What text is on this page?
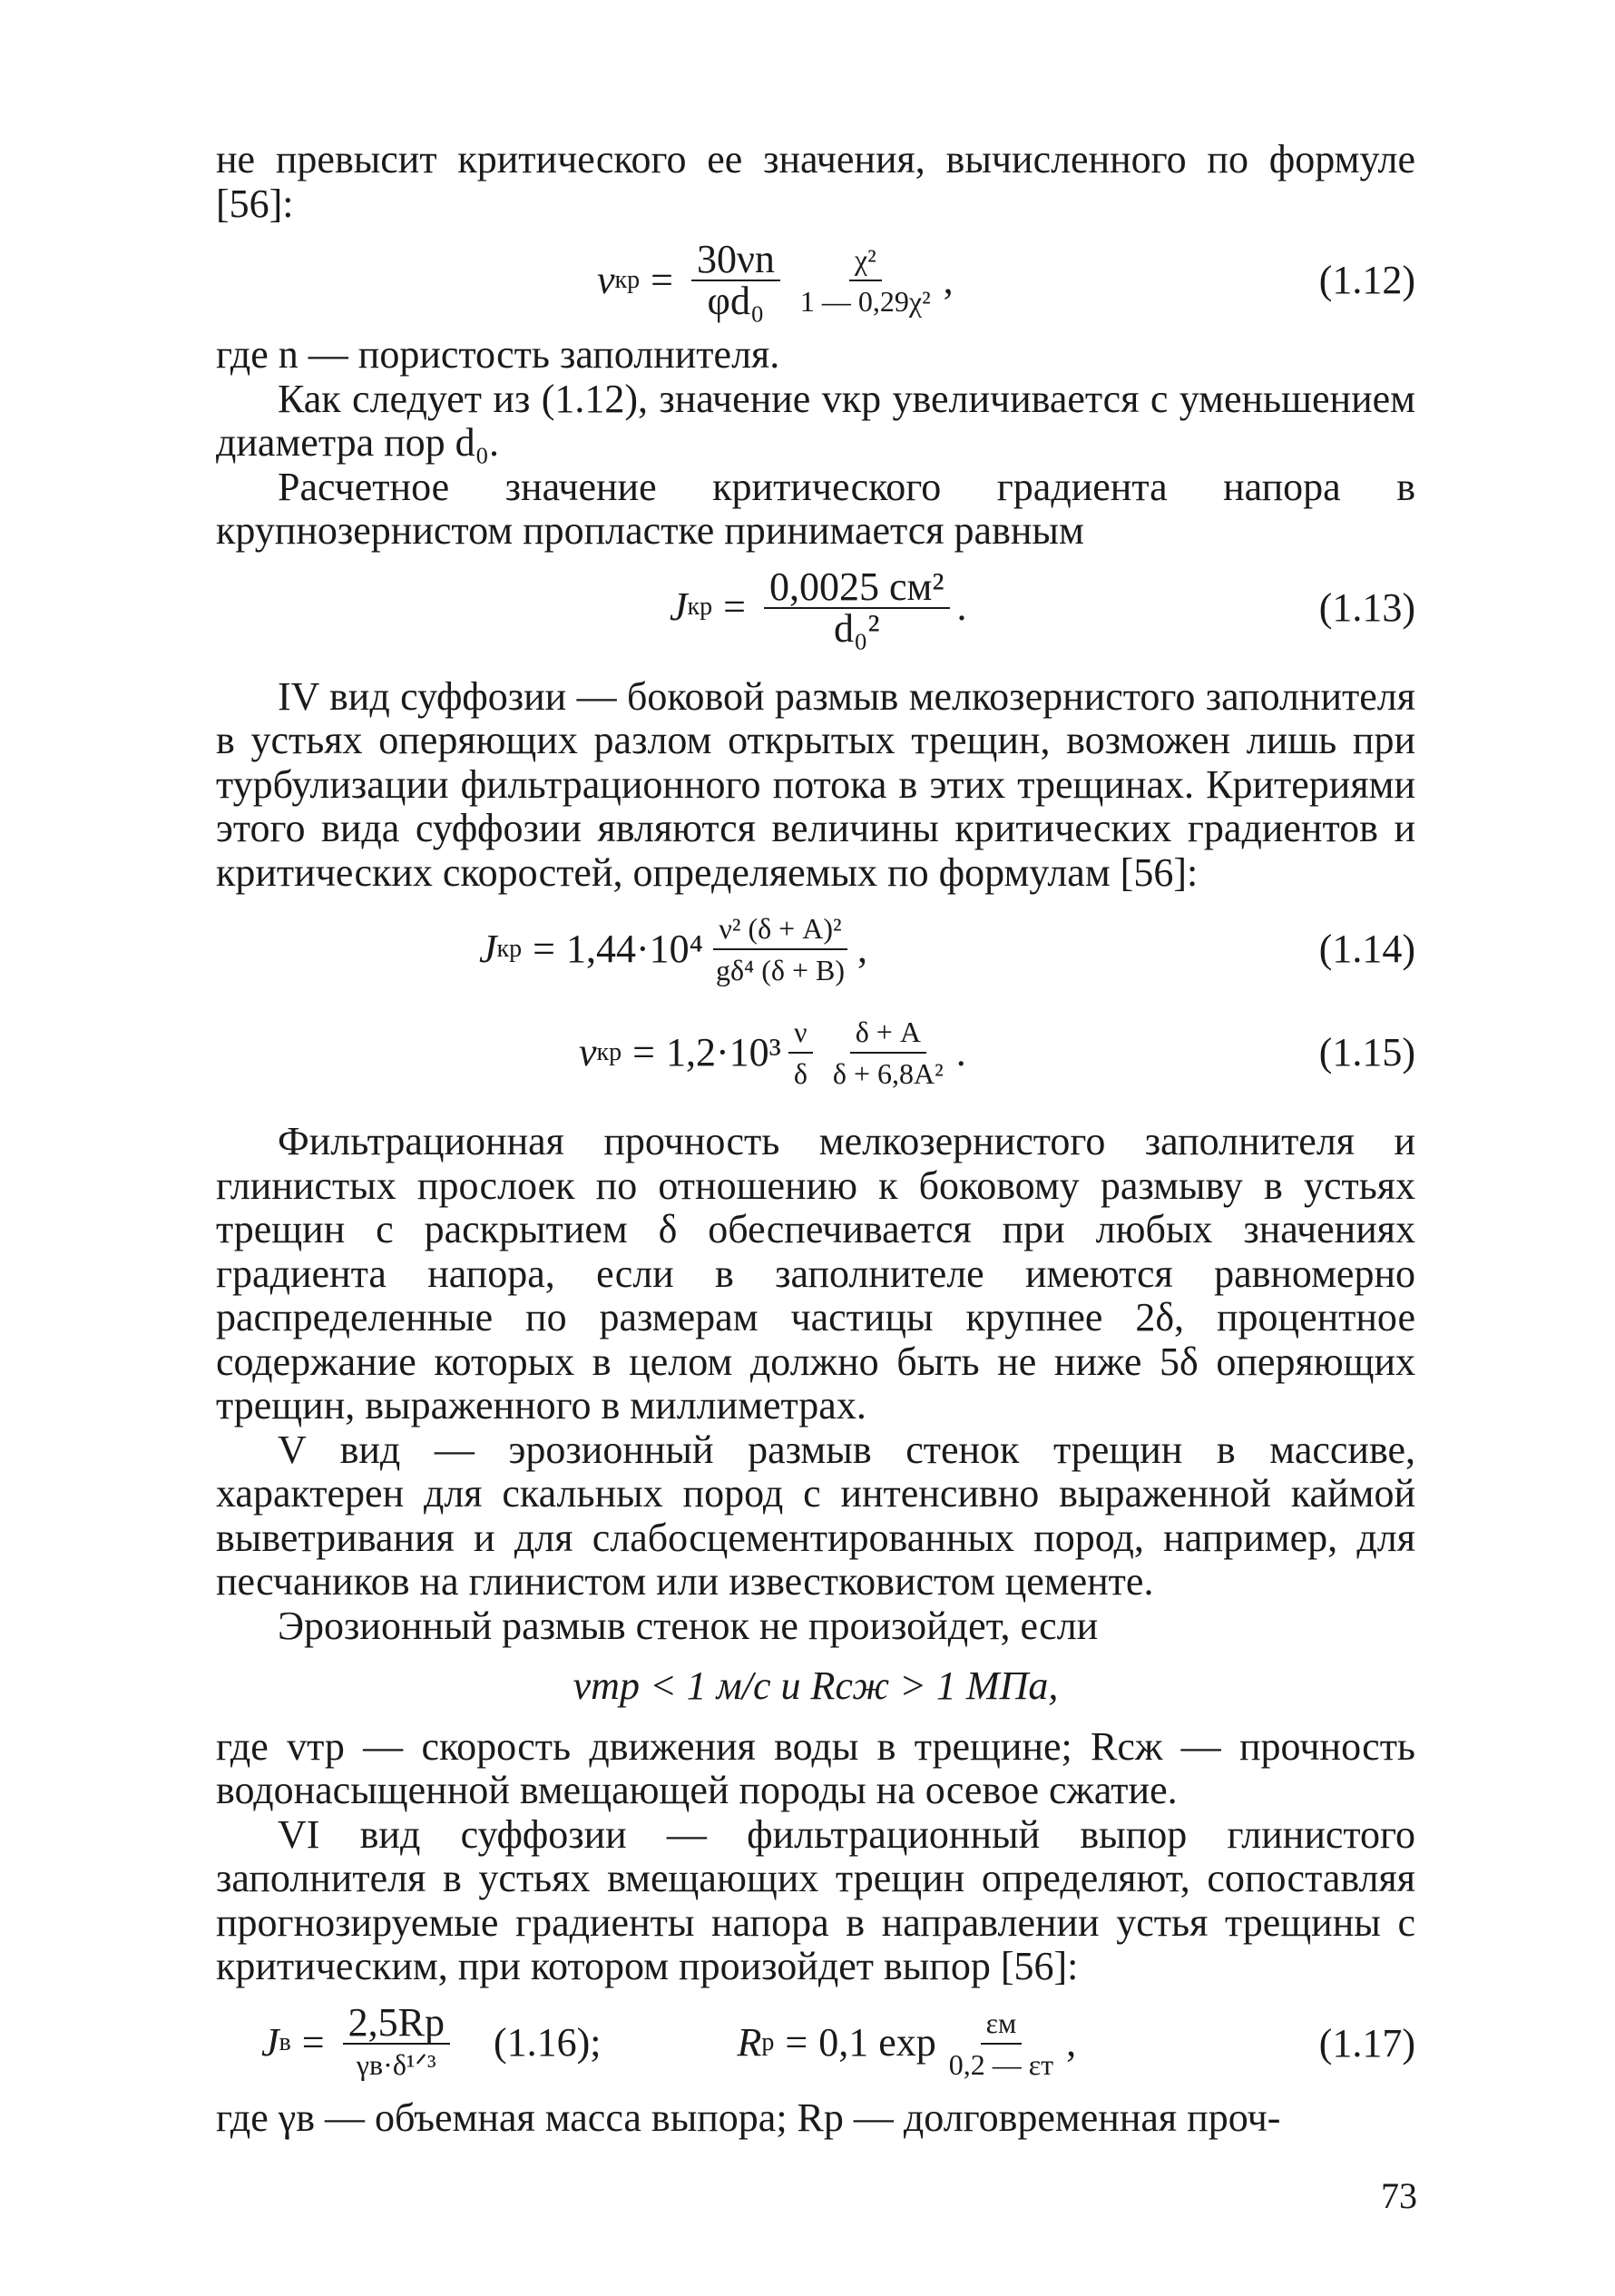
не превысит критического ее значения, вычисленного по формуле [56]:

v кр = $\frac{30\nu n}{\text{φd₀}} \frac{\text{χ²}}{\text{1 — 0,29χ²}}$ ,	(1.12)

где n — пористость заполнителя.

Как следует из (1.12), значение vкр увеличивается с уменьшением диаметра пор d₀.

Расчетное значение критического градиента напора в крупнозернистом пропластке принимается равным

J кр = $\frac{\text{0,0025 см²}}{\text{d₀²}}$ .	(1.13)

IV вид суффозии — боковой размыв мелкозернистого заполнителя в устьях оперяющих разлом открытых трещин, возможен лишь при турбулизации фильтрационного потока в этих трещинах. Критериями этого вида суффозии являются величины критических градиентов и критических скоростей, определяемых по формулам [56]:

J кр = $1,44\cdot 10^4 \frac{\text{ν² (δ + A)²}}{\text{gδ⁴ (δ + B)}}$ ,	(1.14)
v кр = $1,2\cdot 10^3 \frac{\nu}{\delta} \frac{\delta + A}{\text{δ + 6,8A²}}$ .	(1.15)

Фильтрационная прочность мелкозернистого заполнителя и глинистых прослоек по отношению к боковому размыву в устьях трещин с раскрытием δ обеспечивается при любых значениях градиента напора, если в заполнителе имеются равномерно распределенные по размерам частицы крупнее 2δ, процентное содержание которых в целом должно быть не ниже 5δ оперяющих трещин, выраженного в миллиметрах.

V вид — эрозионный размыв стенок трещин в массиве, характерен для скальных пород с интенсивно выраженной каймой выветривания и для слабосцементированных пород, например, для песчаников на глинистом или известковистом цементе.

Эрозионный размыв стенок не произойдет, если

vтр < 1 м/с и Rсж > 1 МПа,

где vтр — скорость движения воды в трещине; Rсж — прочность водонасыщенной вмещающей породы на осевое сжатие.

VI вид суффозии — фильтрационный выпор глинистого заполнителя в устьях вмещающих трещин определяют, сопоставляя прогнозируемые градиенты напора в направлении устья трещины с критическим, при котором произойдет выпор [56]:

J $в = \frac{2,5Rp}{\text{γв·δ¹ᐟ³}} (1.16)$;	R p = 0,1 $\exp \frac{\varepsilon м}{0,2 — \varepsilon т}$ ,	(1.17)

где γв — объемная масса выпора; Rp — долговременная проч-

73
